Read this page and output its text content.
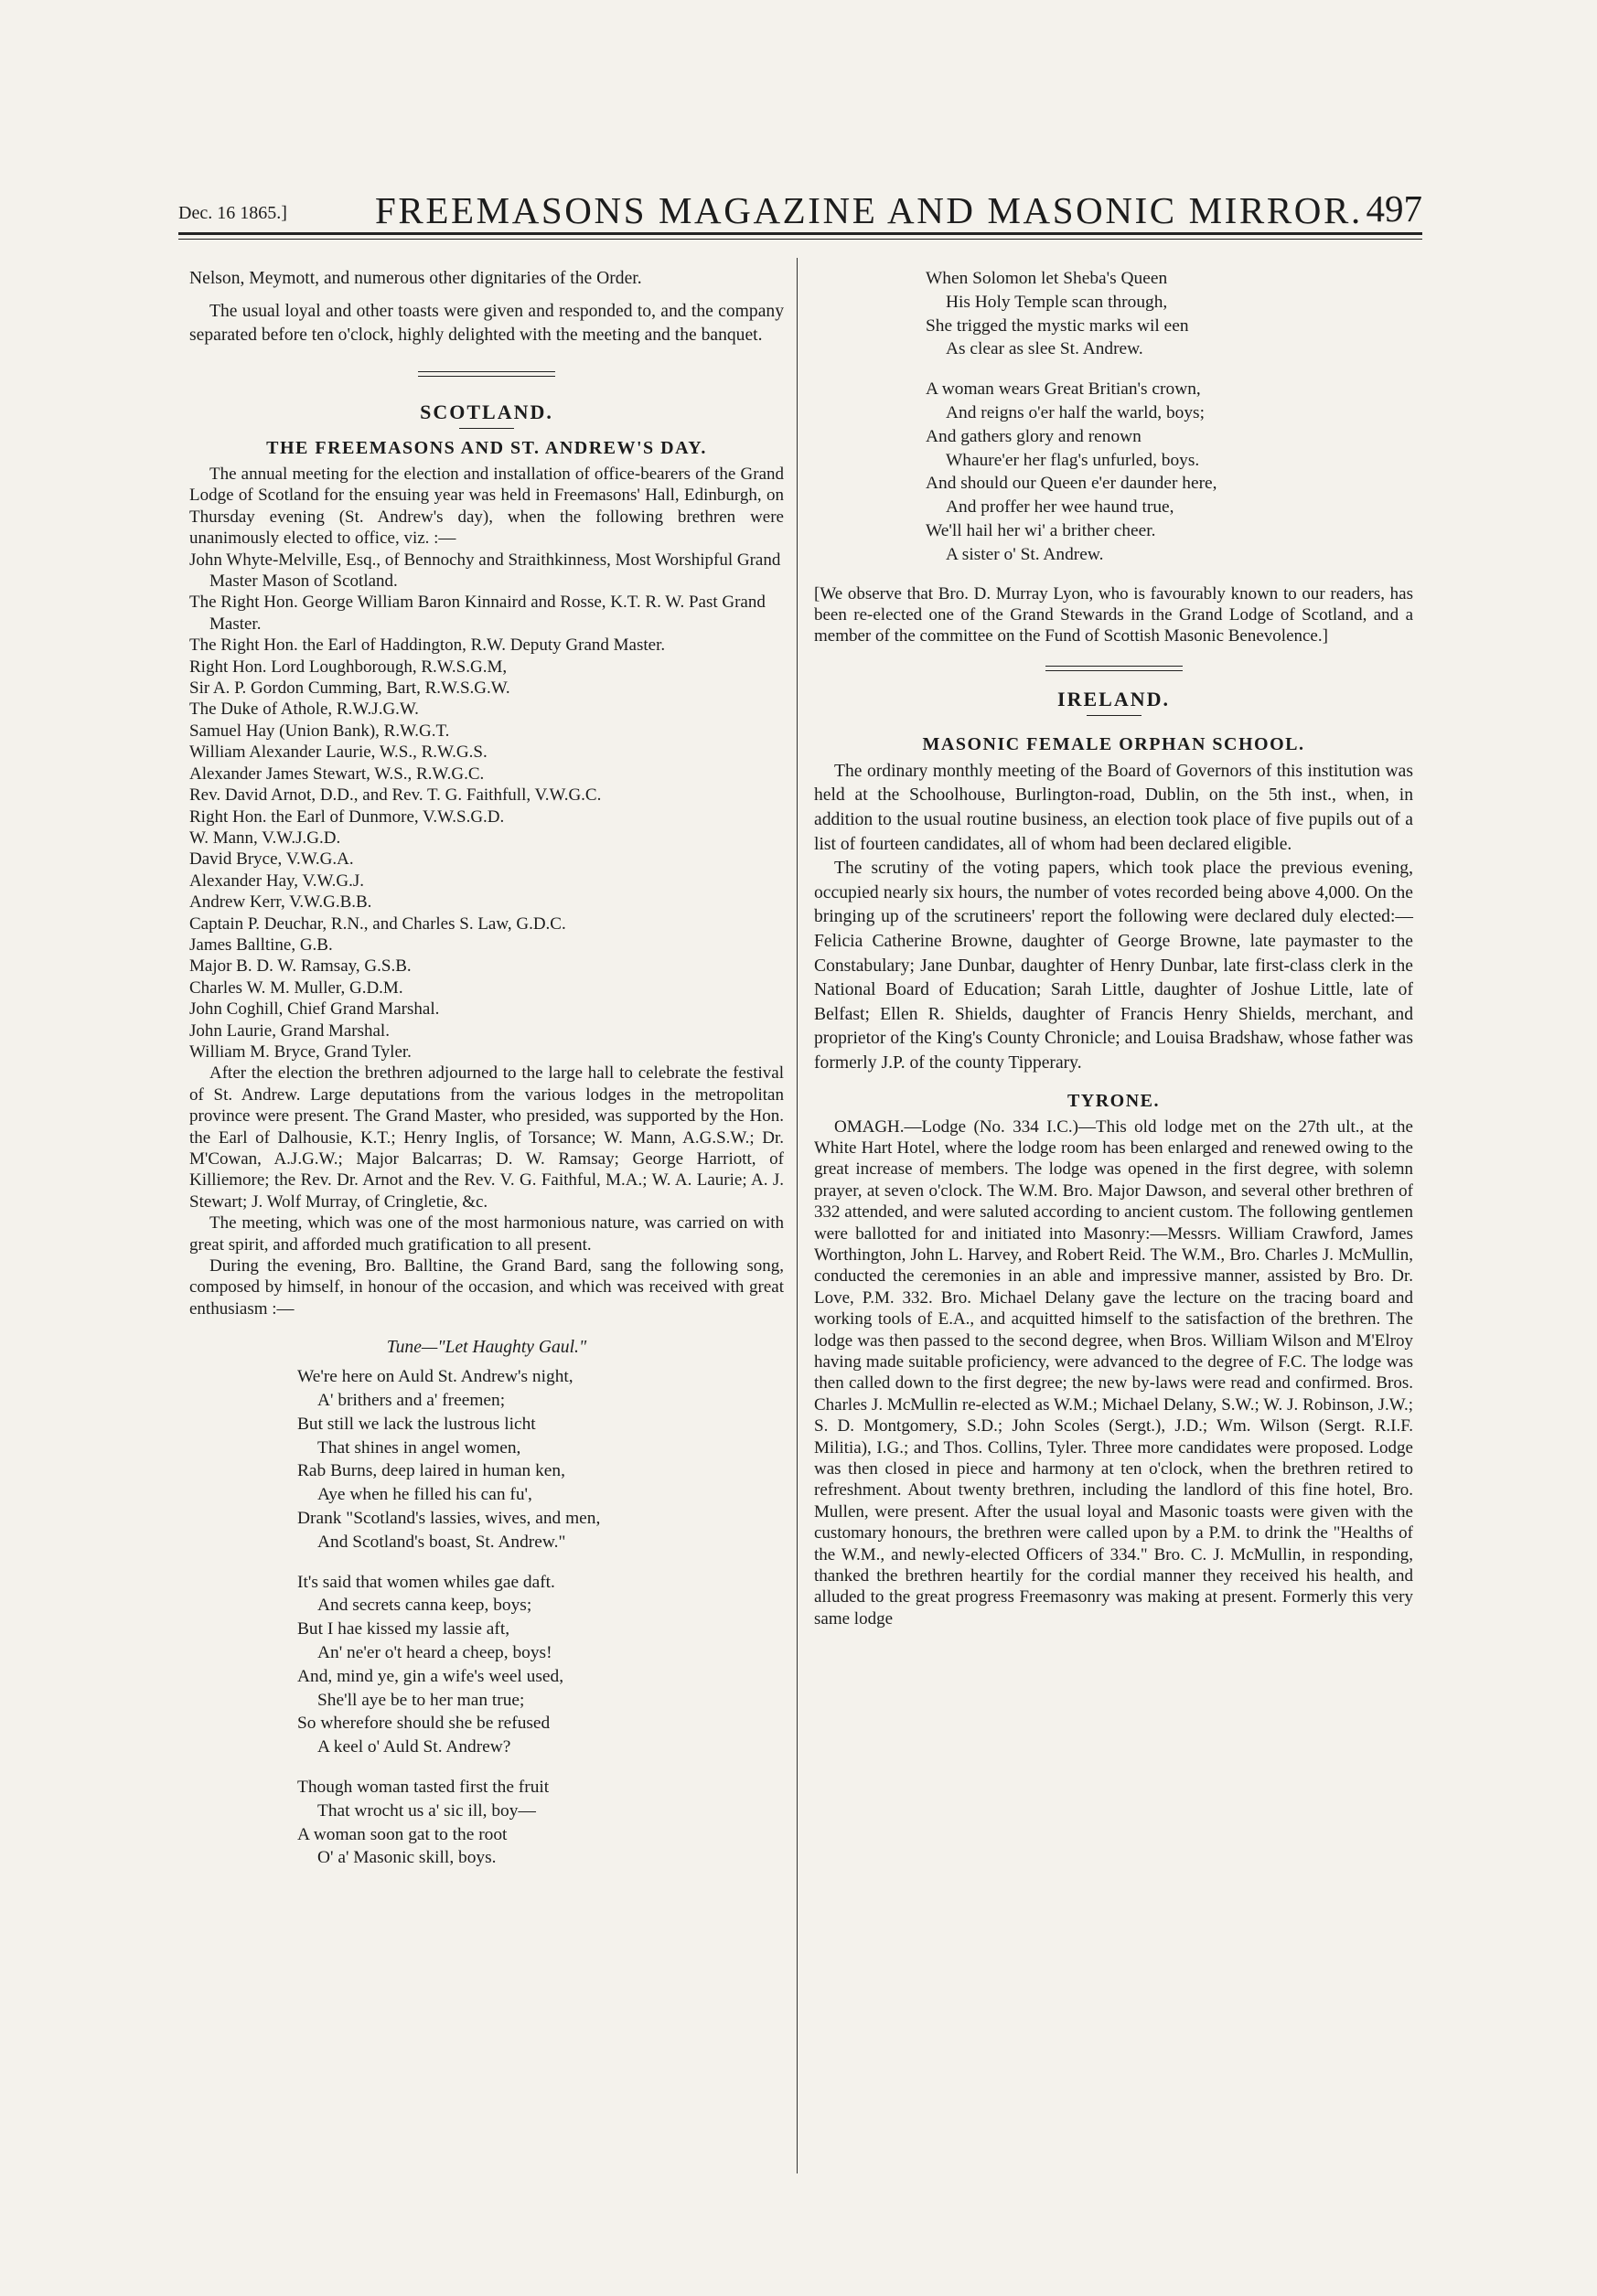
Dec. 16 1865.] FREEMASONS MAGAZINE AND MASONIC MIRROR. 497

Nelson, Meymott, and numerous other dignitaries of the Order.

The usual loyal and other toasts were given and responded to, and the company separated before ten o'clock, highly delighted with the meeting and the banquet.

SCOTLAND.
THE FREEMASONS AND ST. ANDREW'S DAY.

The annual meeting for the election and installation of office-bearers of the Grand Lodge of Scotland for the ensuing year was held in Freemasons' Hall, Edinburgh, on Thursday evening (St. Andrew's day), when the following brethren were unanimously elected to office, viz. :—

John Whyte-Melville, Esq., of Bennochy and Straithkinness, Most Worshipful Grand Master Mason of Scotland.
The Right Hon. George William Baron Kinnaird and Rosse, K.T. R. W. Past Grand Master.
The Right Hon. the Earl of Haddington, R.W. Deputy Grand Master.
Right Hon. Lord Loughborough, R.W.S.G.M,
Sir A. P. Gordon Cumming, Bart, R.W.S.G.W.
The Duke of Athole, R.W.J.G.W.
Samuel Hay (Union Bank), R.W.G.T.
William Alexander Laurie, W.S., R.W.G.S.
Alexander James Stewart, W.S., R.W.G.C.
Rev. David Arnot, D.D., and Rev. T. G. Faithfull, V.W.G.C.
Right Hon. the Earl of Dunmore, V.W.S.G.D.
W. Mann, V.W.J.G.D.
David Bryce, V.W.G.A.
Alexander Hay, V.W.G.J.
Andrew Kerr, V.W.G.B.B.
Captain P. Deuchar, R.N., and Charles S. Law, G.D.C.
James Balltine, G.B.
Major B. D. W. Ramsay, G.S.B.
Charles W. M. Muller, G.D.M.
John Coghill, Chief Grand Marshal.
John Laurie, Grand Marshal.
William M. Bryce, Grand Tyler.

After the election the brethren adjourned to the large hall to celebrate the festival of St. Andrew. Large deputations from the various lodges in the metropolitan province were present. The Grand Master, who presided, was supported by the Hon. the Earl of Dalhousie, K.T.; Henry Inglis, of Torsance; W. Mann, A.G.S.W.; Dr. M'Cowan, A.J.G.W.; Major Balcarras; D. W. Ramsay; George Harriott, of Killiemore; the Rev. Dr. Arnot and the Rev. V. G. Faithful, M.A.; W. A. Laurie; A. J. Stewart; J. Wolf Murray, of Cringletie, &c.

The meeting, which was one of the most harmonious nature, was carried on with great spirit, and afforded much gratification to all present.

During the evening, Bro. Balltine, the Grand Bard, sang the following song, composed by himself, in honour of the occasion, and which was received with great enthusiasm :—

Tune—"Let Haughty Gaul."

We're here on Auld St. Andrew's night,
A' brithers and a' freemen;
But still we lack the lustrous licht
That shines in angel women,
Rab Burns, deep laired in human ken,
Aye when he filled his can fu',
Drank "Scotland's lassies, wives, and men,
And Scotland's boast, St. Andrew."
It's said that women whiles gae daft.
And secrets canna keep, boys;
But I hae kissed my lassie aft,
An' ne'er o't heard a cheep, boys!
And, mind ye, gin a wife's weel used,
She'll aye be to her man true;
So wherefore should she be refused
A keel o' Auld St. Andrew?
Though woman tasted first the fruit
That wrocht us a' sic ill, boy—
A woman soon gat to the root
O' a' Masonic skill, boys.
When Solomon let Sheba's Queen
His Holy Temple scan through,
She trigged the mystic marks wil een
As clear as slee St. Andrew.
A woman wears Great Britian's crown,
And reigns o'er half the warld, boys;
And gathers glory and renown
Whaure'er her flag's unfurled, boys.
And should our Queen e'er daunder here,
And proffer her wee haund true,
We'll hail her wi' a brither cheer.
A sister o' St. Andrew.

[We observe that Bro. D. Murray Lyon, who is favourably known to our readers, has been re-elected one of the Grand Stewards in the Grand Lodge of Scotland, and a member of the committee on the Fund of Scottish Masonic Benevolence.]

IRELAND.
MASONIC FEMALE ORPHAN SCHOOL.

The ordinary monthly meeting of the Board of Governors of this institution was held at the Schoolhouse, Burlington-road, Dublin, on the 5th inst., when, in addition to the usual routine business, an election took place of five pupils out of a list of fourteen candidates, all of whom had been declared eligible.

The scrutiny of the voting papers, which took place the previous evening, occupied nearly six hours, the number of votes recorded being above 4,000. On the bringing up of the scrutineers' report the following were declared duly elected:— Felicia Catherine Browne, daughter of George Browne, late paymaster to the Constabulary; Jane Dunbar, daughter of Henry Dunbar, late first-class clerk in the National Board of Education; Sarah Little, daughter of Joshue Little, late of Belfast; Ellen R. Shields, daughter of Francis Henry Shields, merchant, and proprietor of the King's County Chronicle; and Louisa Bradshaw, whose father was formerly J.P. of the county Tipperary.

TYRONE.

OMAGH.—Lodge (No. 334 I.C.)—This old lodge met on the 27th ult., at the White Hart Hotel, where the lodge room has been enlarged and renewed owing to the great increase of members. The lodge was opened in the first degree, with solemn prayer, at seven o'clock. The W.M. Bro. Major Dawson, and several other brethren of 332 attended, and were saluted according to ancient custom. The following gentlemen were ballotted for and initiated into Masonry:—Messrs. William Crawford, James Worthington, John L. Harvey, and Robert Reid. The W.M., Bro. Charles J. McMullin, conducted the ceremonies in an able and impressive manner, assisted by Bro. Dr. Love, P.M. 332. Bro. Michael Delany gave the lecture on the tracing board and working tools of E.A., and acquitted himself to the satisfaction of the brethren. The lodge was then passed to the second degree, when Bros. William Wilson and M'Elroy having made suitable proficiency, were advanced to the degree of F.C. The lodge was then called down to the first degree; the new by-laws were read and confirmed. Bros. Charles J. McMullin re-elected as W.M.; Michael Delany, S.W.; W. J. Robinson, J.W.; S. D. Montgomery, S.D.; John Scoles (Sergt.), J.D.; Wm. Wilson (Sergt. R.I.F. Militia), I.G.; and Thos. Collins, Tyler. Three more candidates were proposed. Lodge was then closed in piece and harmony at ten o'clock, when the brethren retired to refreshment. About twenty brethren, including the landlord of this fine hotel, Bro. Mullen, were present. After the usual loyal and Masonic toasts were given with the customary honours, the brethren were called upon by a P.M. to drink the "Healths of the W.M., and newly-elected Officers of 334." Bro. C. J. McMullin, in responding, thanked the brethren heartily for the cordial manner they received his health, and alluded to the great progress Freemasonry was making at present. Formerly this very same lodge
